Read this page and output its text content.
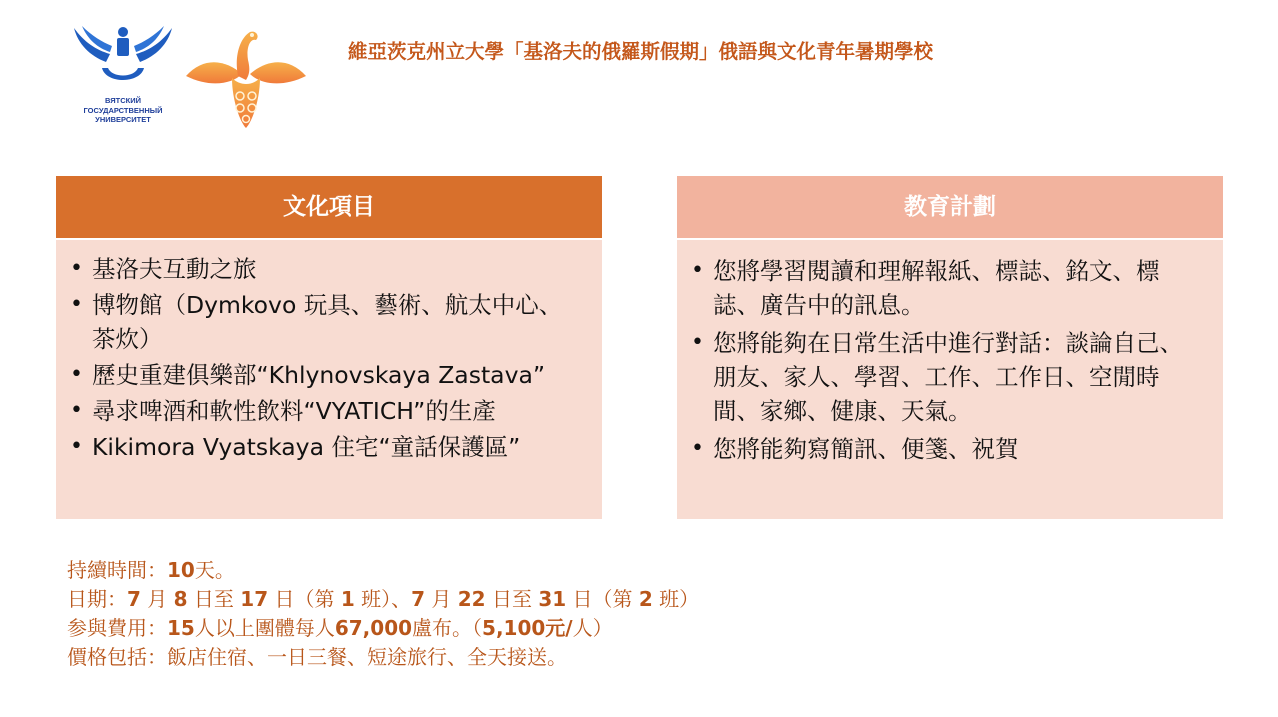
ВЯТСКИЙ
ГОСУДАРСТВЕННЫЙ
УНИВЕРСИТЕТ
維亞茨克州立大學「基洛夫的俄羅斯假期」俄語與文化青年暑期學校
文化項目
• 基洛夫互動之旅
• 博物館（Dymkovo 玩具、藝術、航太中心、茶炊）
• 歷史重建俱樂部“Khlynovskaya Zastava”
• 尋求啤酒和軟性飲料“VYATICH”的生產
• Kikimora Vyatskaya 住宅“童話保護區”
教育計劃
• 您將學習閱讀和理解報紙、標誌、銘文、標誌、廣告中的訊息。
• 您將能夠在日常生活中進行對話：談論自己、朋友、家人、學習、工作、工作日、空閒時間、家鄉、健康、天氣。
• 您將能夠寫簡訊、便箋、祝賀
持續時間：10天。
日期：7 月 8 日至 17 日（第 1 班）、7 月 22 日至 31 日（第 2 班）
参與費用：15人以上團體每人67,000盧布。（5,100元/人）
價格包括：飯店住宿、一日三餐、短途旅行、全天接送。
